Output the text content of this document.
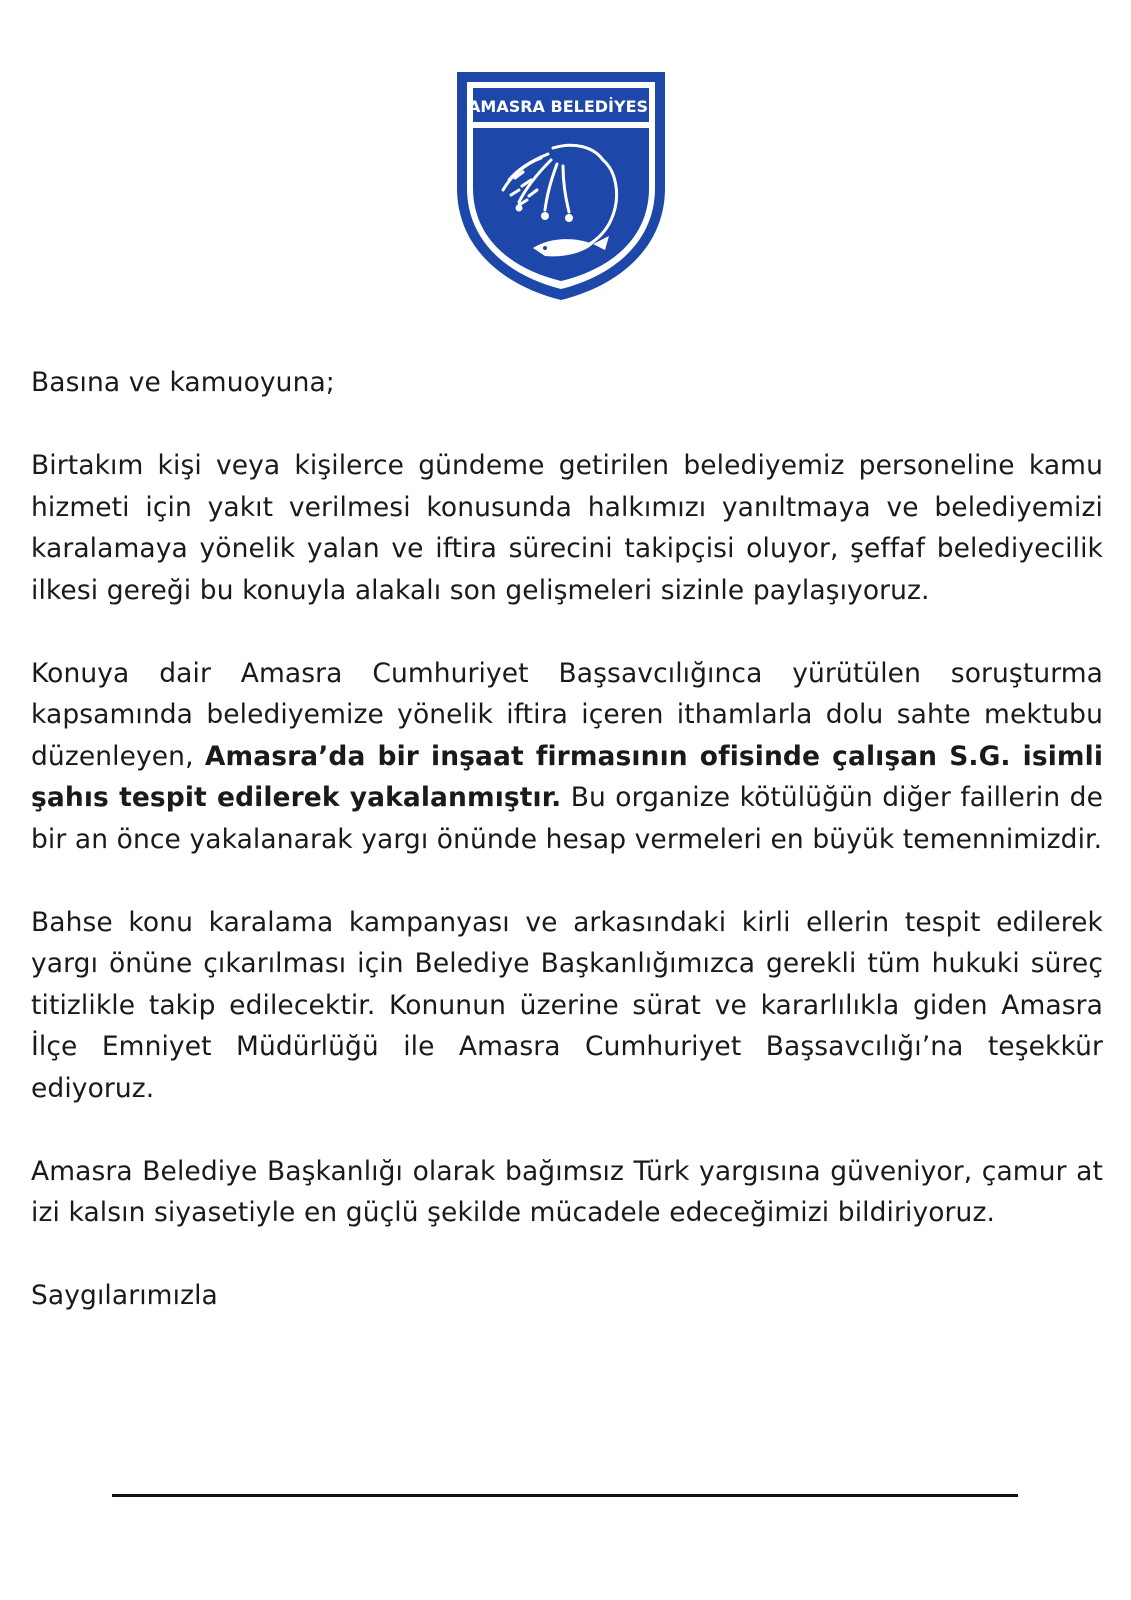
AMASRA BELEDİYESİ

Basına ve kamuoyuna;

Birtakım kişi veya kişilerce gündeme getirilen belediyemiz personeline kamu hizmeti için yakıt verilmesi konusunda halkımızı yanıltmaya ve belediyemizi karalamaya yönelik yalan ve iftira sürecini takipçisi oluyor, şeffaf belediyecilik ilkesi gereği bu konuyla alakalı son gelişmeleri sizinle paylaşıyoruz.

Konuya dair Amasra Cumhuriyet Başsavcılığınca yürütülen soruşturma kapsamında belediyemize yönelik iftira içeren ithamlarla dolu sahte mektubu düzenleyen, Amasra’da bir inşaat firmasının ofisinde çalışan S.G. isimli şahıs tespit edilerek yakalanmıştır. Bu organize kötülüğün diğer faillerin de bir an önce yakalanarak yargı önünde hesap vermeleri en büyük temennimizdir.

Bahse konu karalama kampanyası ve arkasındaki kirli ellerin tespit edilerek yargı önüne çıkarılması için Belediye Başkanlığımızca gerekli tüm hukuki süreç titizlikle takip edilecektir. Konunun üzerine sürat ve kararlılıkla giden Amasra İlçe Emniyet Müdürlüğü ile Amasra Cumhuriyet Başsavcılığı’na teşekkür ediyoruz.

Amasra Belediye Başkanlığı olarak bağımsız Türk yargısına güveniyor, çamur at izi kalsın siyasetiyle en güçlü şekilde mücadele edeceğimizi bildiriyoruz.

Saygılarımızla
